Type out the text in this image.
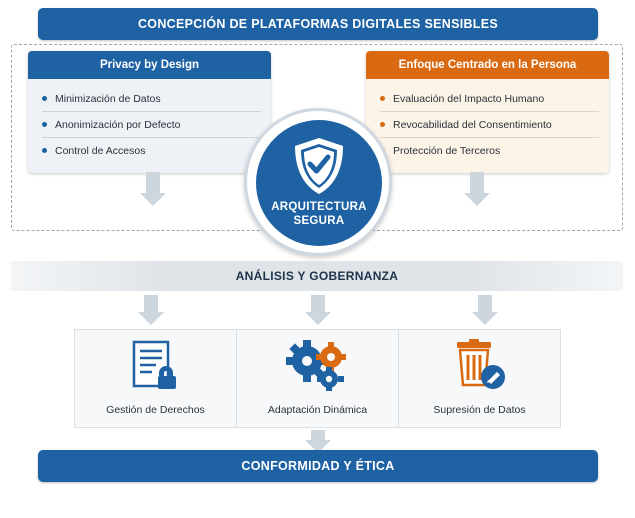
CONCEPCIÓN DE PLATAFORMAS DIGITALES SENSIBLES
Privacy by Design
Minimización de Datos
Anonimización por Defecto
Control de Accesos
Enfoque Centrado en la Persona
Evaluación del Impacto Humano
Revocabilidad del Consentimiento
Protección de Terceros
ARQUITECTURA
SEGURA
ANÁLISIS Y GOBERNANZA
Gestión de Derechos	Adaptación Dinámica	Supresión de Datos
CONFORMIDAD Y ÉTICA
